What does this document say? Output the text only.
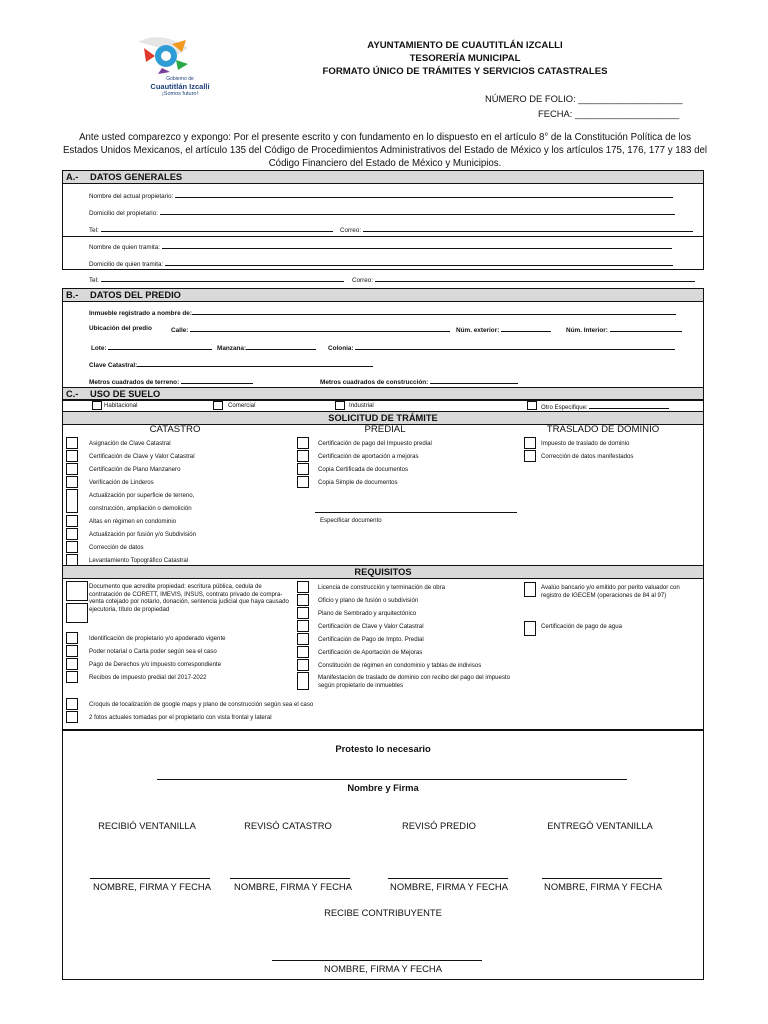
Gobierno de
Cuautitlán Izcalli
¡Somos futuro!
AYUNTAMIENTO DE CUAUTITLÁN IZCALLI
TESORERÍA MUNICIPAL
FORMATO ÚNICO DE TRÁMITES Y SERVICIOS CATASTRALES
NÚMERO DE FOLIO: ____________________
FECHA: ____________________
Ante usted comparezco y expongo: Por el presente escrito y con fundamento en lo dispuesto en el artículo 8° de la Constitución Política de los Estados Unidos Mexicanos, el artículo 135 del Código de Procedimientos Administrativos del Estado de México y los artículos 175, 176, 177 y 183 del Código Financiero del Estado de México y Municipios.
A.- DATOS GENERALES
Nombre del actual propietario:
Domicilio del propietario:
Tel:	Correo:
Nombre de quien tramita:
Domicilio de quien tramita:
Tel:	Correo:
B.- DATOS DEL PREDIO
Inmueble registrado a nombre de:
Ubicación del predio	Calle:	Núm. exterior:	Núm. Interior:
Lote:	Manzana:	Colonia:
Clave Catastral:
Metros cuadrados de terreno:	Metros cuadrados de construcción:
C.- USO DE SUELO
Habitacional	Comercial	Industrial	Otro Especifique:
SOLICITUD DE TRÁMITE
CATASTRO	PREDIAL	TRASLADO DE DOMINIO
Asignación de Clave Catastral
Certificación de Clave y Valor Catastral
Certificación de Plano Manzanero
Verificación de Linderos
Actualización por superficie de terreno,
construcción, ampliación o demolición
Altas en régimen en condominio
Actualización por fusión y/o Subdivisión
Corrección de datos
Levantamiento Topográfico Catastral
Certificación de pago del Impuesto predial
Certificación de aportación a mejoras
Copia Certificada de documentos
Copia Simple de documentos
Especificar documento
Impuesto de traslado de dominio
Corrección de datos manifestados
REQUISITOS
Documento que acredite propiedad: escritura pública, cedula de contratación de CORETT, IMEVIS, INSUS, contrato privado de compra-venta cotejado por notario, donación, sentencia judicial que haya causado ejecutoria, título de propiedad
Identificación de propietario y/o apoderado vigente
Poder notarial o Carta poder según sea el caso
Pago de Derechos y/o impuesto correspondiente
Recibos de impuesto predial del 2017-2022
Licencia de construcción y terminación de obra
Oficio y plano de fusión o subdivisión
Plano de Sembrado y arquitectónico
Certificación de Clave y Valor Catastral
Certificación de Pago de Impto. Predial
Certificación de Aportación de Mejoras
Constitución de régimen en condominio y tablas de indivisos
Manifestación de traslado de dominio con recibo del pago del impuesto según propietario de inmuebles
Avalúo bancario y/o emitido por perito valuador con registro de IGECEM (operaciones de 84 al 97)
Certificación de pago de agua
Croquis de localización de google maps y plano de construcción según sea el caso
2 fotos actuales tomadas por el propietario con vista frontal y lateral
Protesto lo necesario
Nombre y Firma
RECIBIÓ VENTANILLA	REVISÓ CATASTRO	REVISÓ PREDIO	ENTREGÓ VENTANILLA
NOMBRE, FIRMA Y FECHA	NOMBRE, FIRMA Y FECHA	NOMBRE, FIRMA Y FECHA	NOMBRE, FIRMA Y FECHA
RECIBE CONTRIBUYENTE
NOMBRE, FIRMA Y FECHA
